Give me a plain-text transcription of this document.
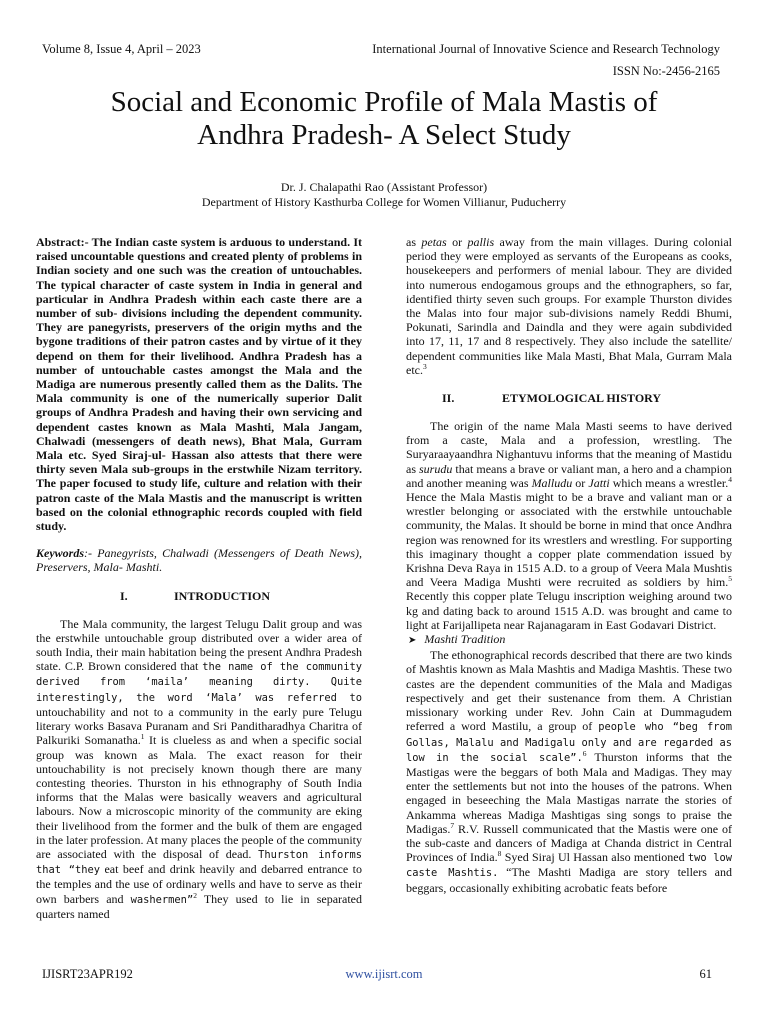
Volume 8, Issue 4, April – 2023	International Journal of Innovative Science and Research Technology
ISSN No:-2456-2165
Social and Economic Profile of Mala Mastis of
Andhra Pradesh- A Select Study
Dr. J. Chalapathi Rao (Assistant Professor)
Department of History Kasthurba College for Women Villianur, Puducherry

Abstract:- The Indian caste system is arduous to understand. It raised uncountable questions and created plenty of problems in Indian society and one such was the creation of untouchables. The typical character of caste system in India in general and particular in Andhra Pradesh within each caste there are a number of sub- divisions including the dependent community. They are panegyrists, preservers of the origin myths and the bygone traditions of their patron castes and by virtue of it they depend on them for their livelihood. Andhra Pradesh has a number of untouchable castes amongst the Mala and the Madiga are numerous presently called them as the Dalits. The Mala community is one of the numerically superior Dalit groups of Andhra Pradesh and having their own servicing and dependent castes known as Mala Mashti, Mala Jangam, Chalwadi (messengers of death news), Bhat Mala, Gurram Mala etc. Syed Siraj-ul- Hassan also attests that there were thirty seven Mala sub-groups in the erstwhile Nizam territory. The paper focused to study life, culture and relation with their patron caste of the Mala Mastis and the manuscript is written based on the colonial ethnographic records coupled with field study.

Keywords:- Panegyrists, Chalwadi (Messengers of Death News), Preservers, Mala- Mashti.

I.	INTRODUCTION

The Mala community, the largest Telugu Dalit group and was the erstwhile untouchable group distributed over a wider area of south India, their main habitation being the present Andhra Pradesh state. C.P. Brown considered that the name of the community derived from ‘maila’ meaning dirty. Quite interestingly, the word ‘Mala’ was referred to untouchability and not to a community in the early pure Telugu literary works Basava Puranam and Sri Panditharadhya Charitra of Palkuriki Somanatha.$^1$ It is clueless as and when a specific social group was known as Mala. The exact reason for their untouchability is not precisely known though there are many contesting theories. Thurston in his ethnography of South India informs that the Malas were basically weavers and agricultural labours. Now a microscopic minority of the community are eking their livelihood from the former and the bulk of them are engaged in the later profession. At many places the people of the community are associated with the disposal of dead. Thurston informs that “they eat beef and drink heavily and debarred entrance to the temples and the use of ordinary wells and have to serve as their own barbers and washermen”$^2$ They used to lie in separated quarters named

as petas or pallis away from the main villages. During colonial period they were employed as servants of the Europeans as cooks, housekeepers and performers of menial labour. They are divided into numerous endogamous groups and the ethnographers, so far, identified thirty seven such groups. For example Thurston divides the Malas into four major sub-divisions namely Reddi Bhumi, Pokunati, Sarindla and Daindla and they were again subdivided into 17, 11, 17 and 8 respectively. They also include the satellite/ dependent communities like Mala Masti, Bhat Mala, Gurram Mala etc.$^3$

II.	ETYMOLOGICAL HISTORY

The origin of the name Mala Masti seems to have derived from a caste, Mala and a profession, wrestling. The Suryaraayaandhra Nighantuvu informs that the meaning of Mastidu as surudu that means a brave or valiant man, a hero and a champion and another meaning was Malludu or Jatti which means a wrestler.$^4$ Hence the Mala Mastis might to be a brave and valiant man or a wrestler belonging or associated with the erstwhile untouchable community, the Malas. It should be borne in mind that once Andhra region was renowned for its wrestlers and wrestling. For supporting this imaginary thought a copper plate commendation issued by Krishna Deva Raya in 1515 A.D. to a group of Veera Mala Mushtis and Veera Madiga Mushti were recruited as soldiers by him.$^5$ Recently this copper plate Telugu inscription weighing around two kg and dating back to around 1515 A.D. was brought and came to light at Farijallipeta near Rajanagaram in East Godavari District.

➤ Mashti Tradition

The ethonographical records described that there are two kinds of Mashtis known as Mala Mashtis and Madiga Mashtis. These two castes are the dependent communities of the Mala and Madigas respectively and get their sustenance from them. A Christian missionary working under Rev. John Cain at Dummagudem referred a word Mastilu, a group of people who “beg from Gollas, Malalu and Madigalu only and are regarded as low in the social scale”.$^6$ Thurston informs that the Mastigas were the beggars of both Mala and Madigas. They may enter the settlements but not into the houses of the patrons. When engaged in beseeching the Mala Mastigas narrate the stories of Ankamma whereas Madiga Mashtigas sing songs to praise the Madigas.$^7$ R.V. Russell communicated that the Mastis were one of the sub-caste and dancers of Madiga at Chanda district in Central Provinces of India.$^8$ Syed Siraj Ul Hassan also mentioned two low caste Mashtis. “The Mashti Madiga are story tellers and beggars, occasionally exhibiting acrobatic feats before

IJISRT23APR192	www.ijisrt.com	61
